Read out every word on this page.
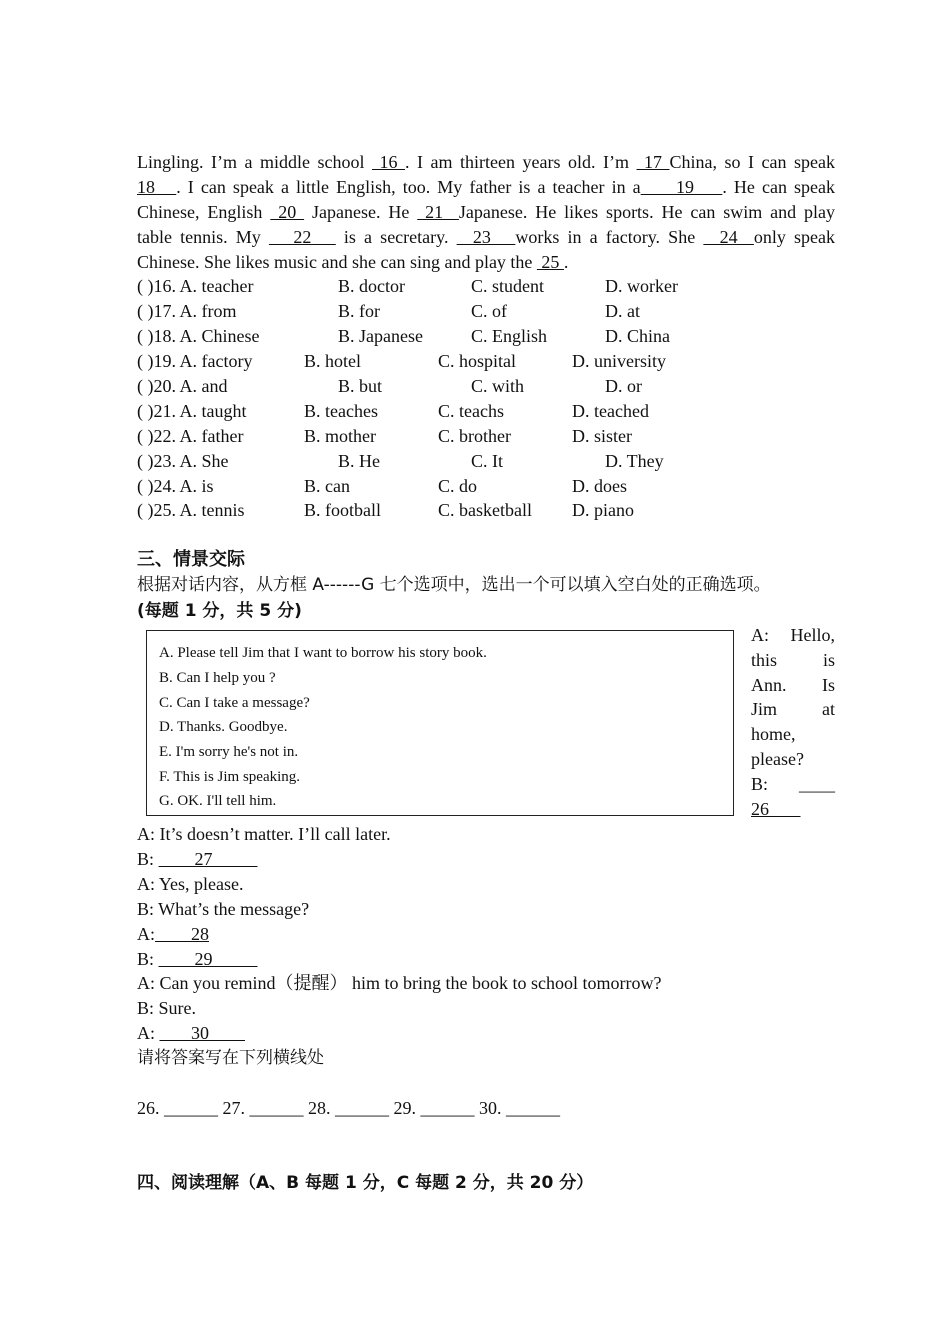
Lingling. I’m a middle school  16 . I am thirteen years old. I’m  17 China, so I can speak
18   . I can speak a little English, too. My father is a teacher in a     19    . He can speak
Chinese, English  20  Japanese. He  21  Japanese. He likes sports. He can swim and play
table tennis. My    22    is a secretary.   23   works in a factory. She   24  only speak
Chinese. She likes music and she can sing and play the  25 .
( )16. A. teacher	B. doctor	C. student	D. worker
( )17. A. from	B. for	C. of	D. at
( )18. A. Chinese	B. Japanese	C. English	D. China
( )19. A. factory	B. hotel	C. hospital	D. university
( )20. A. and	B. but	C. with	D. or
( )21. A. taught	B. teaches	C. teachs	D. teached
( )22. A. father	B. mother	C. brother	D. sister
( )23. A. She	B. He	C. It	D. They
( )24. A. is	B. can	C. do	D. does
( )25. A. tennis	B. football	C. basketball D. piano
三、情景交际
根据对话内容，从方框 A------G 七个选项中，选出一个可以填入空白处的正确选项。
(每题 1 分，共 5 分)
A. Please tell Jim that I want to borrow his story book.
B. Can I help you ?
C. Can I take a message?
D. Thanks. Goodbye.
E. I'm sorry he's not in.
F. This is Jim speaking.
G. OK. I'll tell him.
A: Hello,
this	is
Ann. Is
Jim at
home,
please?
B: ____
26
A: It’s doesn’t matter. I’ll call later.
B:         27
A: Yes, please.
B: What’s the message?
A:        28
B:         29
A: Can you remind（提醒） him to bring the book to school tomorrow?
B: Sure.
A:        30
请将答案写在下列横线处
26. ______ 27. ______ 28. ______ 29. ______ 30. ______
四、阅读理解（A、B 每题 1 分，C 每题 2 分，共 20 分）
